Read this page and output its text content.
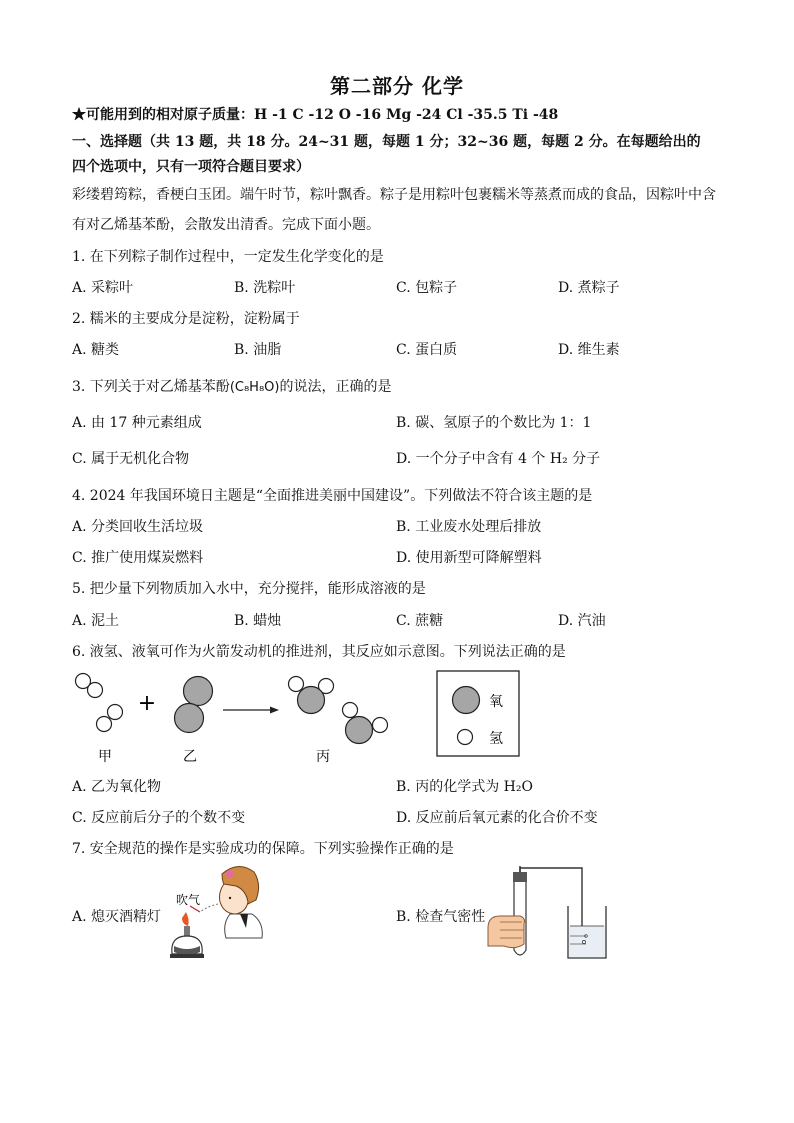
第二部分 化学
★可能用到的相对原子质量：H -1 C -12 O -16 Mg -24 Cl -35.5 Ti -48
一、选择题（共 13 题，共 18 分。24~31 题，每题 1 分；32~36 题，每题 2 分。在每题给出的
四个选项中，只有一项符合题目要求）
彩缕碧筠粽，香梗白玉团。端午时节，粽叶飘香。粽子是用粽叶包裹糯米等蒸煮而成的食品，因粽叶中含
有对乙烯基苯酚，会散发出清香。完成下面小题。
1. 在下列粽子制作过程中，一定发生化学变化的是
A. 采粽叶	B. 洗粽叶	C. 包粽子	D. 煮粽子
2. 糯米的主要成分是淀粉，淀粉属于
A. 糖类	B. 油脂	C. 蛋白质	D. 维生素
3. 下列关于对乙烯基苯酚(C₈H₈O)的说法，正确的是
A. 由 17 种元素组成	B. 碳、氢原子的个数比为 1：1
C. 属于无机化合物	D. 一个分子中含有 4 个 H₂ 分子
4. 2024 年我国环境日主题是“全面推进美丽中国建设”。下列做法不符合该主题的是
A. 分类回收生活垃圾	B. 工业废水处理后排放
C. 推广使用煤炭燃料	D. 使用新型可降解塑料
5. 把少量下列物质加入水中，充分搅拌，能形成溶液的是
A. 泥土	B. 蜡烛	C. 蔗糖	D. 汽油
6. 液氢、液氧可作为火箭发动机的推进剂，其反应如示意图。下列说法正确的是
+	氧
氢
甲	乙	丙
A. 乙为氧化物	B. 丙的化学式为 H₂O
C. 反应前后分子的个数不变	D. 反应前后氧元素的化合价不变
7. 安全规范的操作是实验成功的保障。下列实验操作正确的是
A. 熄灭酒精灯	B. 检查气密性
吹气
